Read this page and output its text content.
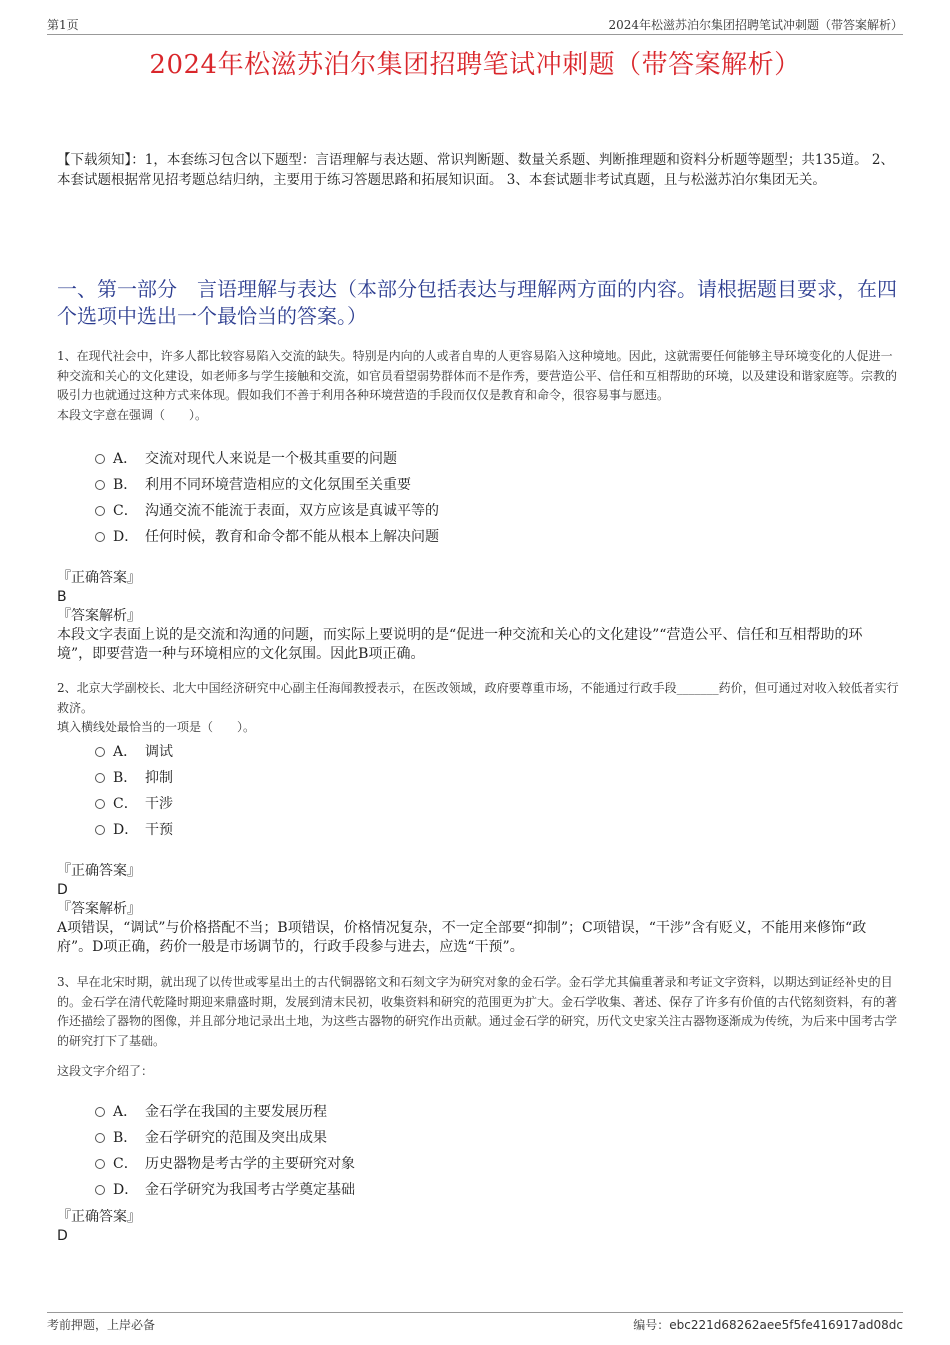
第1页	2024年松滋苏泊尔集团招聘笔试冲刺题（带答案解析）
2024年松滋苏泊尔集团招聘笔试冲刺题（带答案解析）
【下载须知】：1，本套练习包含以下题型：言语理解与表达题、常识判断题、数量关系题、判断推理题和资料分析题等题型；共135道。 2、本套试题根据常见招考题总结归纳，主要用于练习答题思路和拓展知识面。 3、本套试题非考试真题，且与松滋苏泊尔集团无关。
一、第一部分　言语理解与表达（本部分包括表达与理解两方面的内容。请根据题目要求，在四个选项中选出一个最恰当的答案。）
1、在现代社会中，许多人都比较容易陷入交流的缺失。特别是内向的人或者自卑的人更容易陷入这种境地。因此，这就需要任何能够主导环境变化的人促进一种交流和关心的文化建设，如老师多与学生接触和交流，如官员看望弱势群体而不是作秀，要营造公平、信任和互相帮助的环境，以及建设和谐家庭等。宗教的吸引力也就通过这种方式来体现。假如我们不善于利用各种环境营造的手段而仅仅是教育和命令，很容易事与愿违。
本段文字意在强调（　　）。
A． 交流对现代人来说是一个极其重要的问题
B． 利用不同环境营造相应的文化氛围至关重要
C． 沟通交流不能流于表面，双方应该是真诚平等的
D． 任何时候，教育和命令都不能从根本上解决问题
『正确答案』
B
『答案解析』
本段文字表面上说的是交流和沟通的问题，而实际上要说明的是“促进一种交流和关心的文化建设”“营造公平、信任和互相帮助的环境”，即要营造一种与环境相应的文化氛围。因此B项正确。
2、北京大学副校长、北大中国经济研究中心副主任海闻教授表示，在医改领域，政府要尊重市场，不能通过行政手段_______药价，但可通过对收入较低者实行救济。
填入横线处最恰当的一项是（　　）。
A． 调试
B． 抑制
C． 干涉
D． 干预
『正确答案』
D
『答案解析』
A项错误，“调试”与价格搭配不当；B项错误，价格情况复杂，不一定全部要“抑制”；C项错误，“干涉”含有贬义，不能用来修饰“政府”。D项正确，药价一般是市场调节的，行政手段参与进去，应选“干预”。
3、早在北宋时期，就出现了以传世或零星出土的古代铜器铭文和石刻文字为研究对象的金石学。金石学尤其偏重著录和考证文字资料，以期达到证经补史的目的。金石学在清代乾隆时期迎来鼎盛时期，发展到清末民初，收集资料和研究的范围更为扩大。金石学收集、著述、保存了许多有价值的古代铭刻资料，有的著作还描绘了器物的图像，并且部分地记录出土地，为这些古器物的研究作出贡献。通过金石学的研究，历代文史家关注古器物逐渐成为传统，为后来中国考古学的研究打下了基础。
这段文字介绍了：
A． 金石学在我国的主要发展历程
B． 金石学研究的范围及突出成果
C． 历史器物是考古学的主要研究对象
D． 金石学研究为我国考古学奠定基础
『正确答案』
D
考前押题，上岸必备	编号：ebc221d68262aee5f5fe416917ad08dc
